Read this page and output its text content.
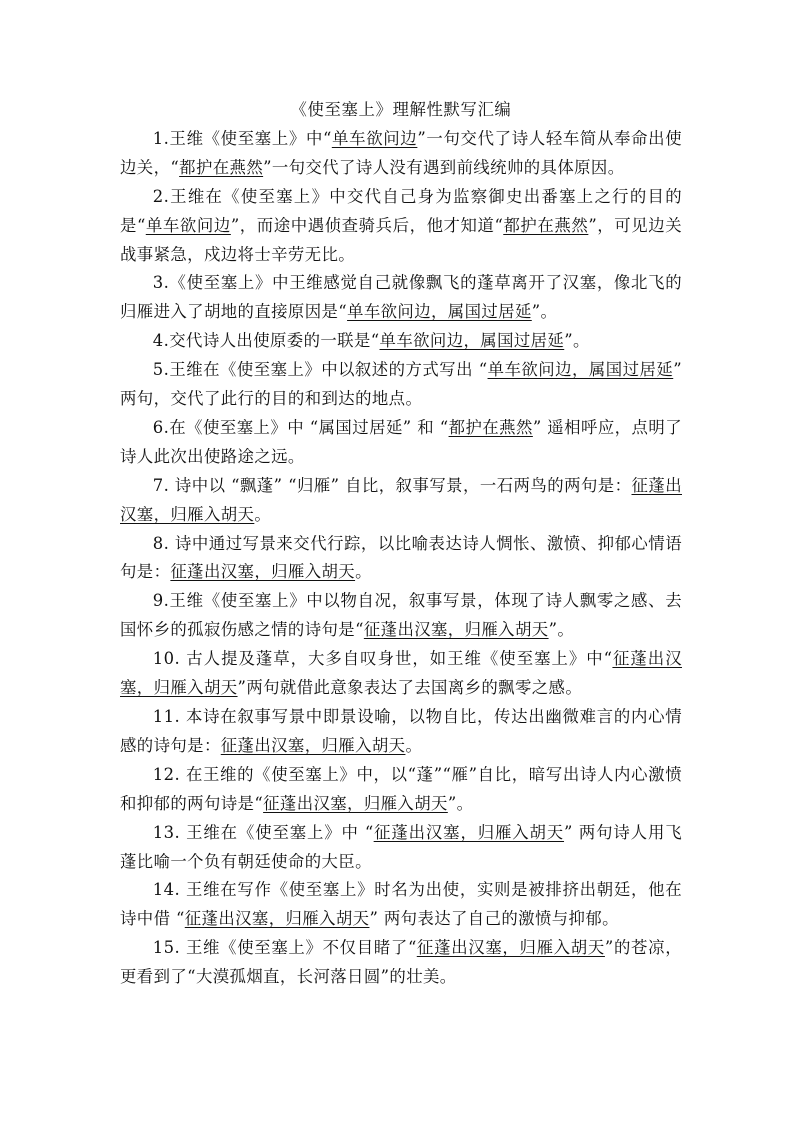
《使至塞上》理解性默写汇编

1.王维《使至塞上》中“单车欲问边”一句交代了诗人轻车简从奉命出使边关，“都护在燕然”一句交代了诗人没有遇到前线统帅的具体原因。

2.王维在《使至塞上》中交代自己身为监察御史出番塞上之行的目的是“单车欲问边”，而途中遇侦查骑兵后，他才知道“都护在燕然”，可见边关战事紧急，戍边将士辛劳无比。

3.《使至塞上》中王维感觉自己就像飘飞的蓬草离开了汉塞，像北飞的归雁进入了胡地的直接原因是“单车欲问边，属国过居延”。

4.交代诗人出使原委的一联是“单车欲问边，属国过居延”。

5.王维在《使至塞上》中以叙述的方式写出 “单车欲问边，属国过居延” 两句，交代了此行的目的和到达的地点。

6.在《使至塞上》中 “属国过居延” 和 “都护在燕然” 遥相呼应，点明了诗人此次出使路途之远。

7. 诗中以 “飘蓬” “归雁” 自比，叙事写景，一石两鸟的两句是：征蓬出汉塞，归雁入胡天。

8. 诗中通过写景来交代行踪，以比喻表达诗人惆怅、激愤、抑郁心情语句是：征蓬出汉塞，归雁入胡天。

9.王维《使至塞上》中以物自况，叙事写景，体现了诗人飘零之感、去国怀乡的孤寂伤感之情的诗句是“征蓬出汉塞，归雁入胡天”。

10. 古人提及蓬草，大多自叹身世，如王维《使至塞上》中“征蓬出汉塞，归雁入胡天”两句就借此意象表达了去国离乡的飘零之感。

11. 本诗在叙事写景中即景设喻，以物自比，传达出幽微难言的内心情感的诗句是：征蓬出汉塞，归雁入胡天。

12. 在王维的《使至塞上》中，以“蓬”“雁”自比，暗写出诗人内心激愤和抑郁的两句诗是“征蓬出汉塞，归雁入胡天”。

13. 王维在《使至塞上》中 “征蓬出汉塞，归雁入胡天” 两句诗人用飞蓬比喻一个负有朝廷使命的大臣。

14. 王维在写作《使至塞上》时名为出使，实则是被排挤出朝廷，他在诗中借 “征蓬出汉塞，归雁入胡天” 两句表达了自己的激愤与抑郁。

15. 王维《使至塞上》不仅目睹了“征蓬出汉塞，归雁入胡天”的苍凉，更看到了“大漠孤烟直，长河落日圆”的壮美。
